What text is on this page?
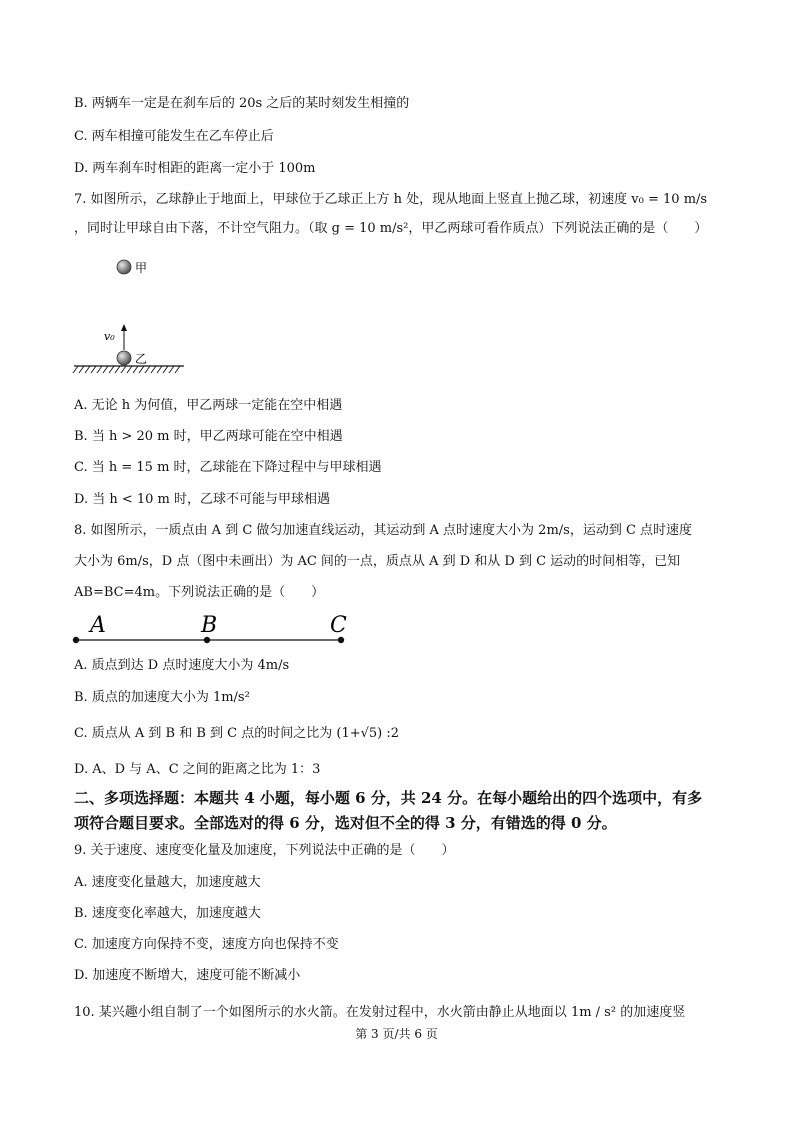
B. 两辆车一定是在刹车后的 20s 之后的某时刻发生相撞的
C. 两车相撞可能发生在乙车停止后
D. 两车刹车时相距的距离一定小于 100m
7. 如图所示，乙球静止于地面上，甲球位于乙球正上方 h 处，现从地面上竖直上抛乙球，初速度 v₀ = 10 m/s
，同时让甲球自由下落，不计空气阻力。（取 g = 10 m/s²，甲乙两球可看作质点）下列说法正确的是（　　）
甲
v₀
乙
A. 无论 h 为何值，甲乙两球一定能在空中相遇
B. 当 h > 20 m 时，甲乙两球可能在空中相遇
C. 当 h = 15 m 时，乙球能在下降过程中与甲球相遇
D. 当 h < 10 m 时，乙球不可能与甲球相遇
8. 如图所示，一质点由 A 到 C 做匀加速直线运动，其运动到 A 点时速度大小为 2m/s，运动到 C 点时速度
大小为 6m/s，D 点（图中未画出）为 AC 间的一点，质点从 A 到 D 和从 D 到 C 运动的时间相等，已知
AB=BC=4m。下列说法正确的是（　　）
A	B	C
A. 质点到达 D 点时速度大小为 4m/s
B. 质点的加速度大小为 1m/s²
C. 质点从 A 到 B 和 B 到 C 点的时间之比为 (1+√5) :2
D. A、D 与 A、C 之间的距离之比为 1：3
二、多项选择题：本题共 4 小题，每小题 6 分，共 24 分。在每小题给出的四个选项中，有多
项符合题目要求。全部选对的得 6 分，选对但不全的得 3 分，有错选的得 0 分。
9. 关于速度、速度变化量及加速度，下列说法中正确的是（　　）
A. 速度变化量越大，加速度越大
B. 速度变化率越大，加速度越大
C. 加速度方向保持不变，速度方向也保持不变
D. 加速度不断增大，速度可能不断减小
10. 某兴趣小组自制了一个如图所示的水火箭。在发射过程中，水火箭由静止从地面以 1m / s² 的加速度竖
第 3 页/共 6 页
